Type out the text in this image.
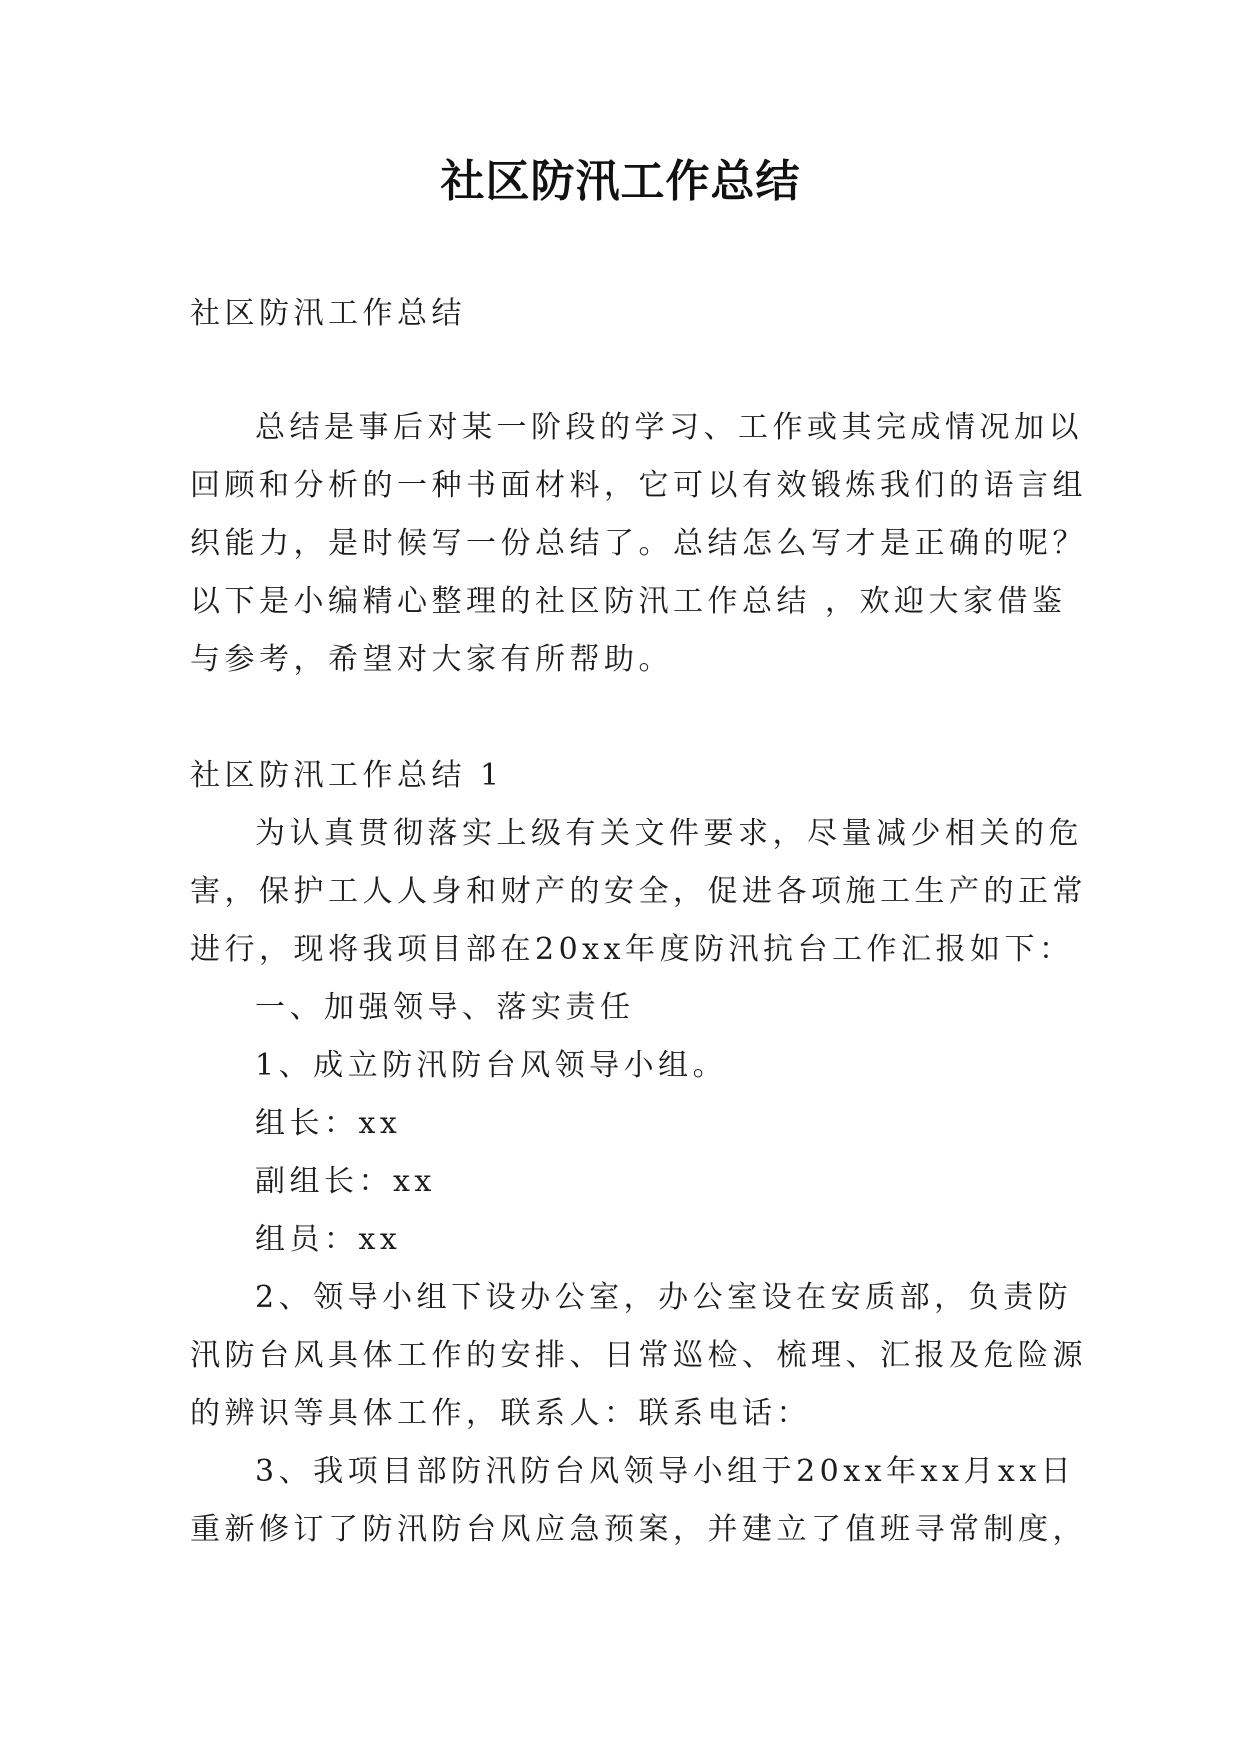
社区防汛工作总结
社区防汛工作总结
总结是事后对某一阶段的学习、工作或其完成情况加以
回顾和分析的一种书面材料，它可以有效锻炼我们的语言组
织能力，是时候写一份总结了。总结怎么写才是正确的呢？
以下是小编精心整理的社区防汛工作总结 ，欢迎大家借鉴
与参考，希望对大家有所帮助。
社区防汛工作总结 1
为认真贯彻落实上级有关文件要求，尽量减少相关的危
害，保护工人人身和财产的安全，促进各项施工生产的正常
进行，现将我项目部在20xx年度防汛抗台工作汇报如下：
一、加强领导、落实责任
1、成立防汛防台风领导小组。
组长：xx
副组长：xx
组员：xx
2、领导小组下设办公室，办公室设在安质部，负责防
汛防台风具体工作的安排、日常巡检、梳理、汇报及危险源
的辨识等具体工作，联系人：联系电话：
3、我项目部防汛防台风领导小组于20xx年xx月xx日
重新修订了防汛防台风应急预案，并建立了值班寻常制度，
